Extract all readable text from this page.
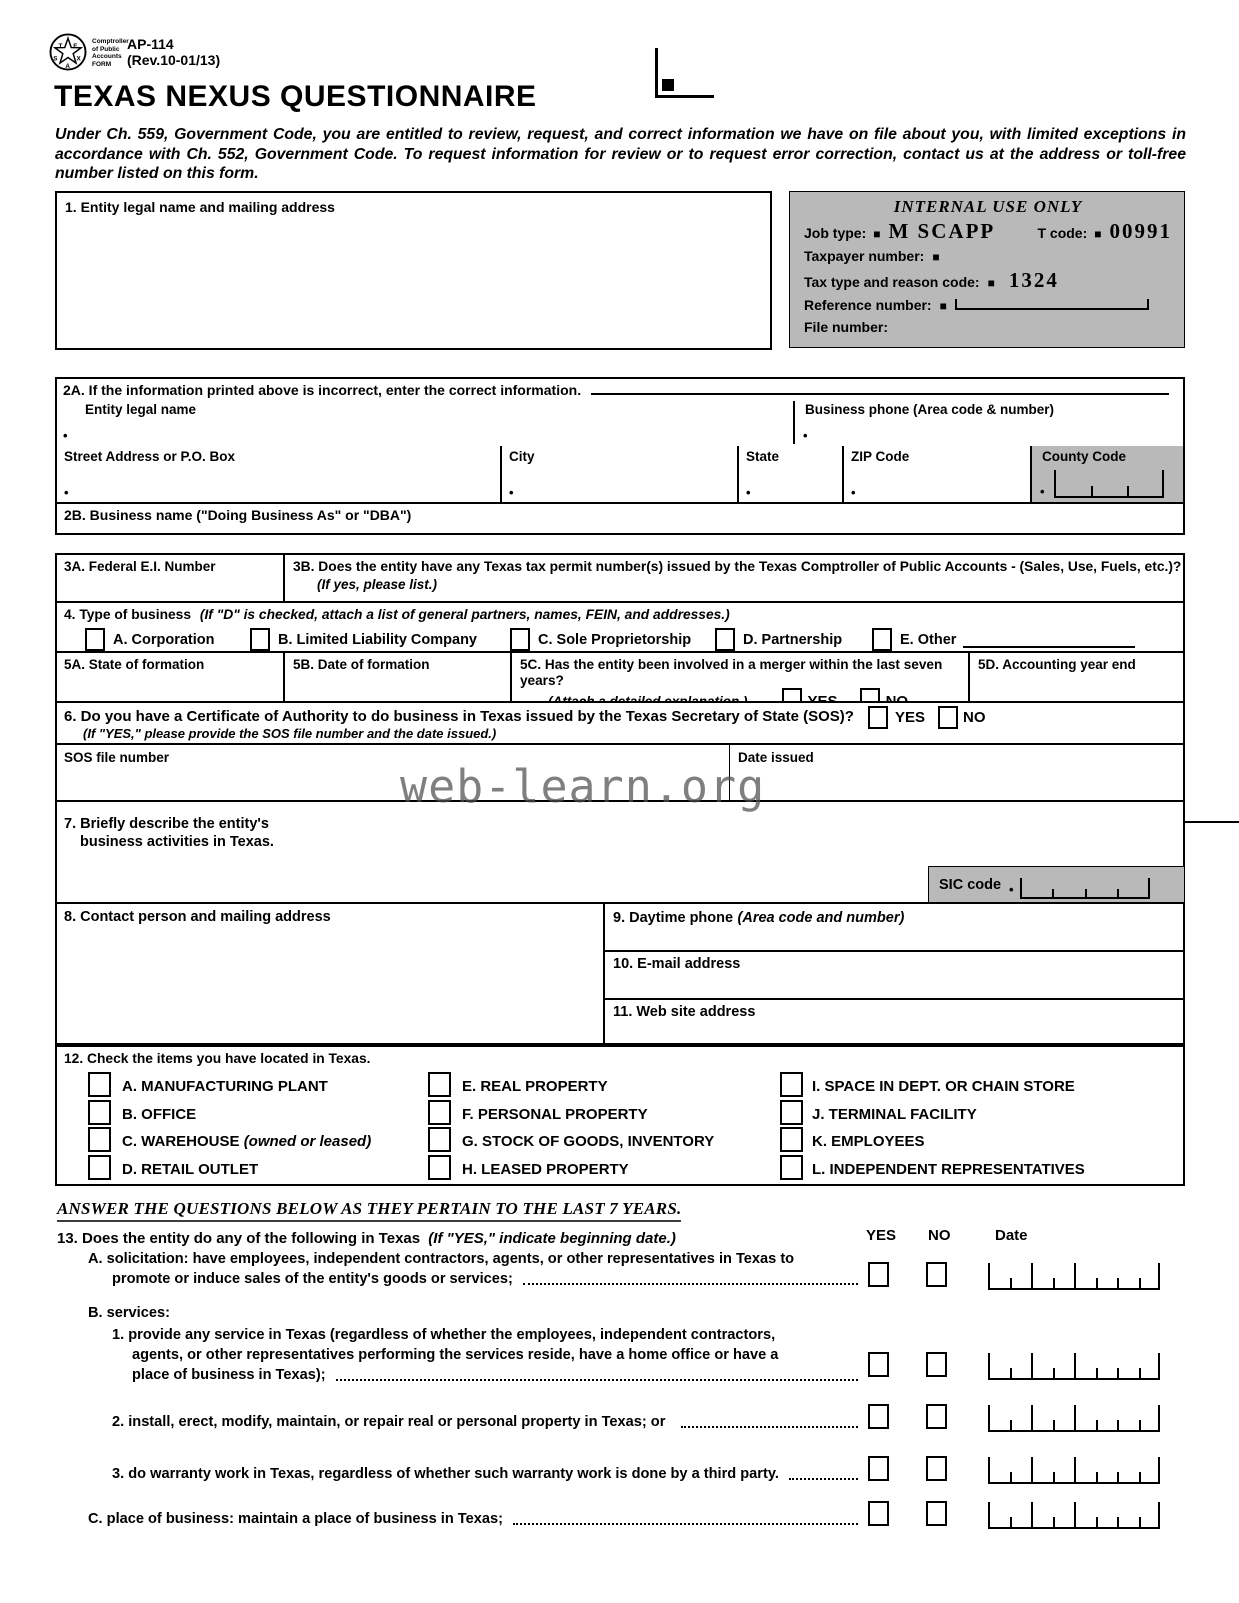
T E
X
A
S
Comptroller
of Public
Accounts
FORM
AP-114
(Rev.10-01/13)
TEXAS NEXUS QUESTIONNAIRE
Under Ch. 559, Government Code, you are entitled to review, request, and correct information we have on file about you, with limited exceptions in accordance with Ch. 552, Government Code. To request information for review or to request error correction, contact us at the address or toll-free number listed on this form.
1. Entity legal name and mailing address	INTERNAL USE ONLY
Job type: ■ M SCAPP	T code: ■ 00991
Taxpayer number: ■
Tax type and reason code: ■ 1324
Reference number: ■
File number:
2A. If the information printed above is incorrect, enter the correct information.
Entity legal name
•
Business phone (Area code & number)
•
Street Address or P.O. Box
•
City
•
State
•
ZIP Code
•
County Code
•
2B. Business name ("Doing Business As" or "DBA")
3A. Federal E.I. Number	3B. Does the entity have any Texas tax permit number(s) issued by the Texas Comptroller of Public Accounts - (Sales, Use, Fuels, etc.)?
(If yes, please list.)
4. Type of business (If "D" is checked, attach a list of general partners, names, FEIN, and addresses.)
A. Corporation	B. Limited Liability Company	C. Sole Proprietorship	D. Partnership	E. Other
5A. State of formation	5B. Date of formation	5C. Has the entity been involved in a merger within the last seven years?
5D. Accounting year end
6. Do you have a Certificate of Authority to do business in Texas issued by the Texas Secretary of State (SOS)?
(If "YES," please provide the SOS file number and the date issued.)
YES	NO
SOS file number	Date issued
7. Briefly describe the entity's
business activities in Texas.
SIC code •
8. Contact person and mailing address	9. Daytime phone (Area code and number)
10. E-mail address
11. Web site address
12. Check the items you have located in Texas.
A. MANUFACTURING PLANT
B. OFFICE
C. WAREHOUSE (owned or leased)
D. RETAIL OUTLET
E. REAL PROPERTY
F. PERSONAL PROPERTY
G. STOCK OF GOODS, INVENTORY
H. LEASED PROPERTY
I. SPACE IN DEPT. OR CHAIN STORE
J. TERMINAL FACILITY
K. EMPLOYEES
L. INDEPENDENT REPRESENTATIVES
ANSWER THE QUESTIONS BELOW AS THEY PERTAIN TO THE LAST 7 YEARS.
13. Does the entity do any of the following in Texas (If "YES," indicate beginning date.)	YES NO	Date
A. solicitation: have employees, independent contractors, agents, or other representatives in Texas to
promote or induce sales of the entity's goods or services;
B. services:
1. provide any service in Texas (regardless of whether the employees, independent contractors,
agents, or other representatives performing the services reside, have a home office or have a
place of business in Texas);
2. install, erect, modify, maintain, or repair real or personal property in Texas; or
3. do warranty work in Texas, regardless of whether such warranty work is done by a third party.
C. place of business: maintain a place of business in Texas;
web-learn.org
